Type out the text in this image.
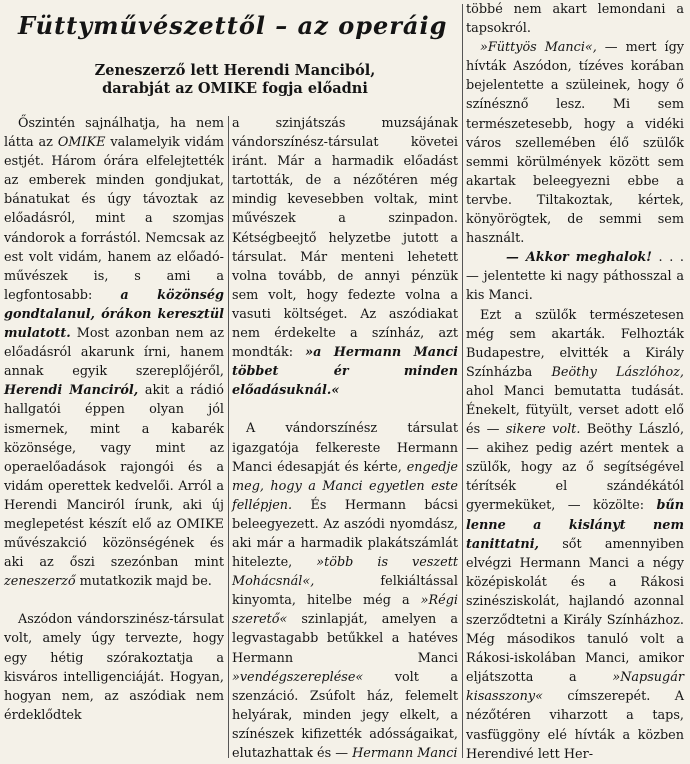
Füttyművészettől – az operáig
Zeneszerző lett Herendi Manciból,
darabját az OMIKE fogja előadni

Őszintén sajnálhatja, ha nem látta az OMIKE valamelyik vidám estjét. Három órára elfelejtették az emberek minden gondjukat, bánatukat és úgy távoztak az előadásról, mint a szomjas vándorok a forrástól. Nemcsak az est volt vidám, hanem az előadó-művészek is, s ami a legfontosabb: a közönség gondtalanul, órákon keresztül mulatott. Most azonban nem az előadásról akarunk írni, hanem annak egyik szereplőjéről, Herendi Manciról, akit a rádió hallgatói éppen olyan jól ismernek, mint a kabarék közönsége, vagy mint az operaelőadások rajongói és a vidám operettek kedvelői. Arról a Herendi Manciról írunk, aki új meglepetést készít elő az OMIKE művészakció közönségének és aki az őszi szezónban mint zeneszerző mutatkozik majd be.

Aszódon vándorszinész-társulat volt, amely úgy tervezte, hogy egy hétig szórakoztatja a kisváros intelligenciáját. Hogyan, hogyan nem, az aszódiak nem érdeklődtek

a szinjátszás muzsájának vándorszínész-társulat követei iránt. Már a harmadik előadást tartották, de a nézőtéren még mindig kevesebben voltak, mint művészek a szinpadon. Kétségbeejtő helyzetbe jutott a társulat. Már menteni lehetett volna tovább, de annyi pénzük sem volt, hogy fedezte volna a vasuti költséget. Az aszódiakat nem érdekelte a színház, azt mondták: »a Hermann Manci többet ér minden előadásuknál.«

A vándorszínész társulat igazgatója felkereste Hermann Manci édesapját és kérte, engedje meg, hogy a Manci egyetlen este fellépjen. És Hermann bácsi beleegyezett. Az aszódi nyomdász, aki már a harmadik plakátszámlát hitelezte, »több is veszett Mohácsnál«, felkiáltással kinyomta, hitelbe még a »Régi szerető« szinlapját, amelyen a legvastagabb betűkkel a hatéves Hermann Manci »vendégszereplése« volt a szenzáció. Zsúfolt ház, felemelt helyárak, minden jegy elkelt, a színészek kifizették adósságaikat, elutazhattak és — Hermann Manci

többé nem akart lemondani a tapsokról.

»Füttyös Manci«, — mert így hívták Aszódon, tízéves korában bejelentette a szüleinek, hogy ő színésznő lesz. Mi sem természetesebb, hogy a vidéki város szellemében élő szülők semmi körülmények között sem akartak beleegyezni ebbe a tervbe. Tiltakoztak, kértek, könyörögtek, de semmi sem használt.

— Akkor meghalok! . . . — jelentette ki nagy páthosszal a kis Manci.

Ezt a szülők természetesen még sem akarták. Felhozták Budapestre, elvitték a Király Színházba Beöthy Lászlóhoz, ahol Manci bemutatta tudását. Énekelt, fütyült, verset adott elő és — sikere volt. Beöthy László, — akihez pedig azért mentek a szülők, hogy az ő segítségével térítsék el szándékától gyermeküket, — közölte: bűn lenne a kislányt nem tanittatni, sőt amennyiben elvégzi Hermann Manci a négy középiskolát és a Rákosi szinésziskolát, hajlandó azonnal szerződtetni a Király Színházhoz. Még másodikos tanuló volt a Rákosi-iskolában Manci, amikor eljátszotta a »Napsugár kisasszony« címszerepét. A nézőtéren viharzott a taps, vasfüggöny elé hívták a közben Herendivé lett Her-
